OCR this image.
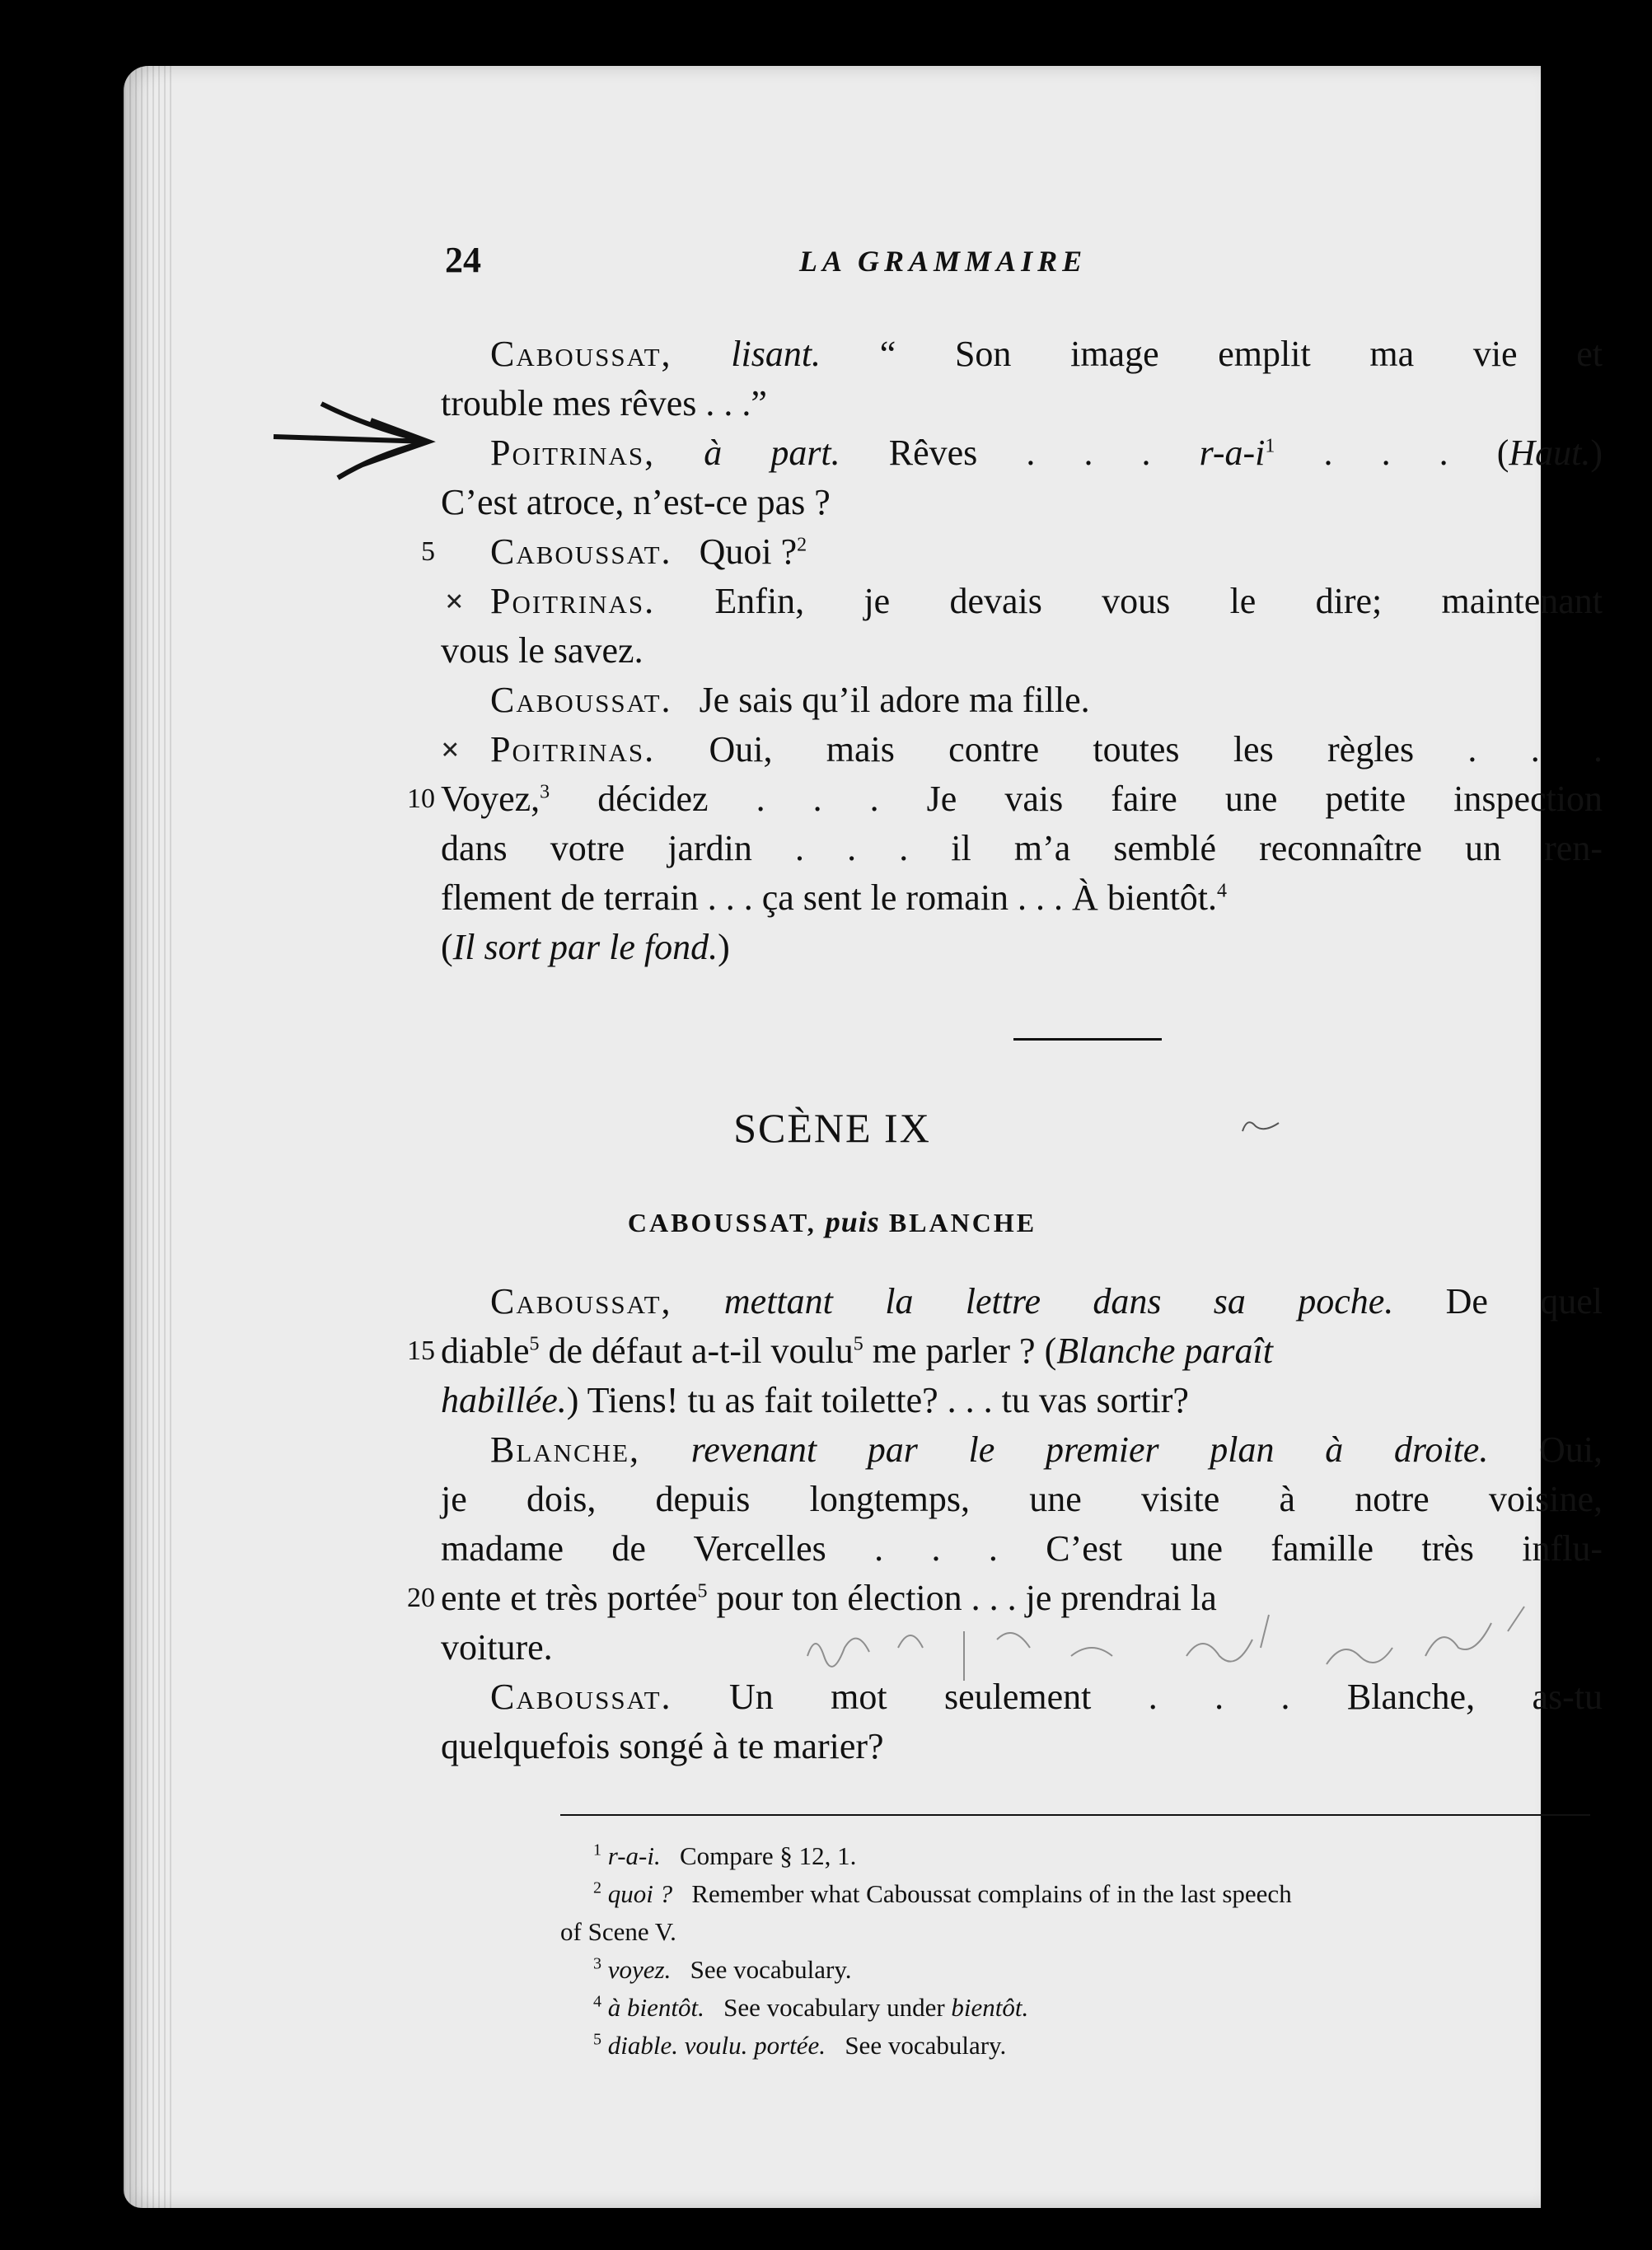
24	LA GRAMMAIRE
Caboussat, lisant. “ Son image emplit ma vie et
trouble mes rêves . . .”
Poitrinas, à part. Rêves . . . $r-a-i^1$ . . . (Haut.)
C’est atroce, n’est-ce pas ?
Caboussat. Quoi ?$^2$
Poitrinas. Enfin, je devais vous le dire; maintenant
vous le savez.
Caboussat. Je sais qu’il adore ma fille.
Poitrinas. Oui, mais contre toutes les règles . . .
Voyez,$^3$ décidez . . . Je vais faire une petite inspection
dans votre jardin . . . il m’a semblé reconnaître un ren-
flement de terrain . . . ça sent le romain . . . À bientôt.$^4$
(Il sort par le fond.)
5
10
×
×
SCÈNE IX
CABOUSSAT, puis BLANCHE
Caboussat, mettant la lettre dans sa poche. De quel
diable$^5$ de défaut a-t-il voulu$^5$ me parler ? (Blanche paraît
habillée.) Tiens! tu as fait toilette? . . . tu vas sortir?
Blanche, revenant par le premier plan à droite. Oui,
je dois, depuis longtemps, une visite à notre voisine,
madame de Vercelles . . . C’est une famille très influ-
ente et très portée$^5$ pour ton élection . . . je prendrai la
voiture.
Caboussat. Un mot seulement . . . Blanche, as-tu
quelquefois songé à te marier?
15
20
$^1$ r-a-i. Compare § 12, 1.
$^2$ quoi ? Remember what Caboussat complains of in the last speech
of Scene V.
$^3$ voyez. See vocabulary.
$^4$ à bientôt. See vocabulary under bientôt.
$^5$ diable. voulu. portée. See vocabulary.
